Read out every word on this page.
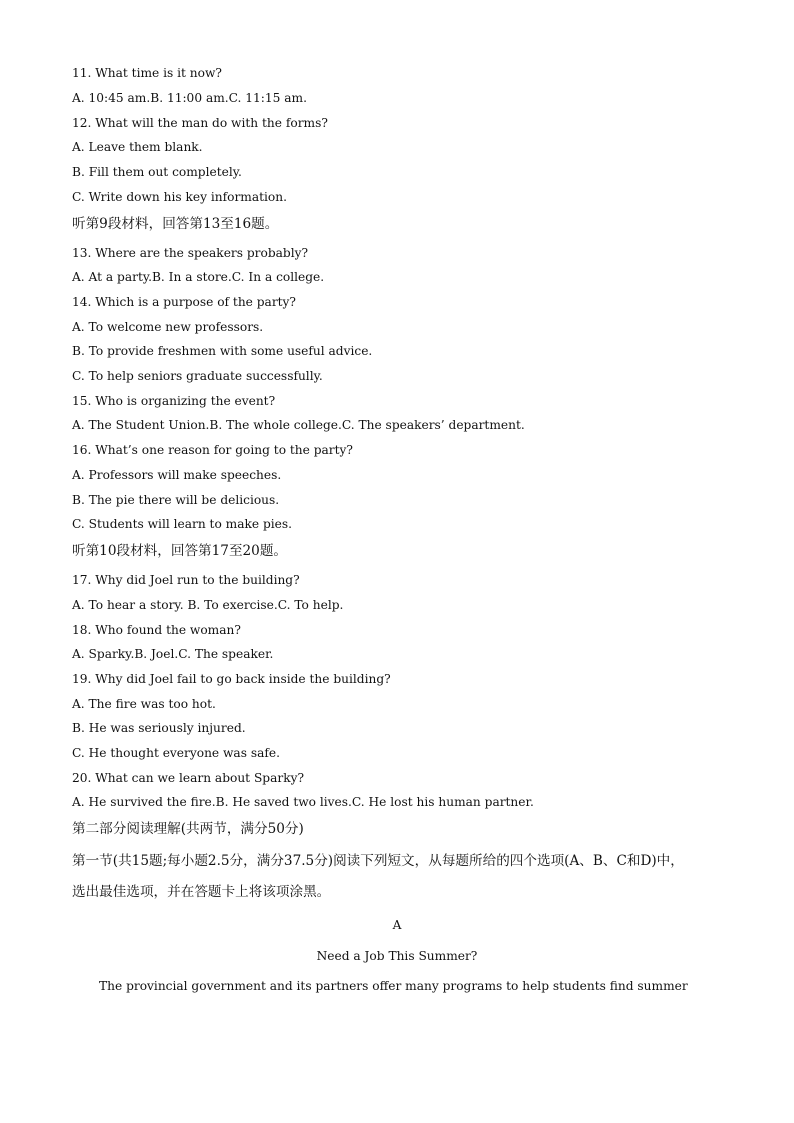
11. What time is it now?
A. 10:45 am.B. 11:00 am.C. 11:15 am.
12. What will the man do with the forms?
A. Leave them blank.
B. Fill them out completely.
C. Write down his key information.
听第9段材料，回答第13至16题。
13. Where are the speakers probably?
A. At a party.B. In a store.C. In a college.
14. Which is a purpose of the party?
A. To welcome new professors.
B. To provide freshmen with some useful advice.
C. To help seniors graduate successfully.
15. Who is organizing the event?
A. The Student Union.B. The whole college.C. The speakers’ department.
16. What’s one reason for going to the party?
A. Professors will make speeches.
B. The pie there will be delicious.
C. Students will learn to make pies.
听第10段材料，回答第17至20题。
17. Why did Joel run to the building?
A. To hear a story. B. To exercise.C. To help.
18. Who found the woman?
A. Sparky.B. Joel.C. The speaker.
19. Why did Joel fail to go back inside the building?
A. The fire was too hot.
B. He was seriously injured.
C. He thought everyone was safe.
20. What can we learn about Sparky?
A. He survived the fire.B. He saved two lives.C. He lost his human partner.
第二部分阅读理解(共两节，满分50分)
第一节(共15题;每小题2.5分，满分37.5分)阅读下列短文，从每题所给的四个选项(A、B、C和D)中，
选出最佳选项，并在答题卡上将该项涂黑。
A
Need a Job This Summer?
The provincial government and its partners offer many programs to help students find summer
